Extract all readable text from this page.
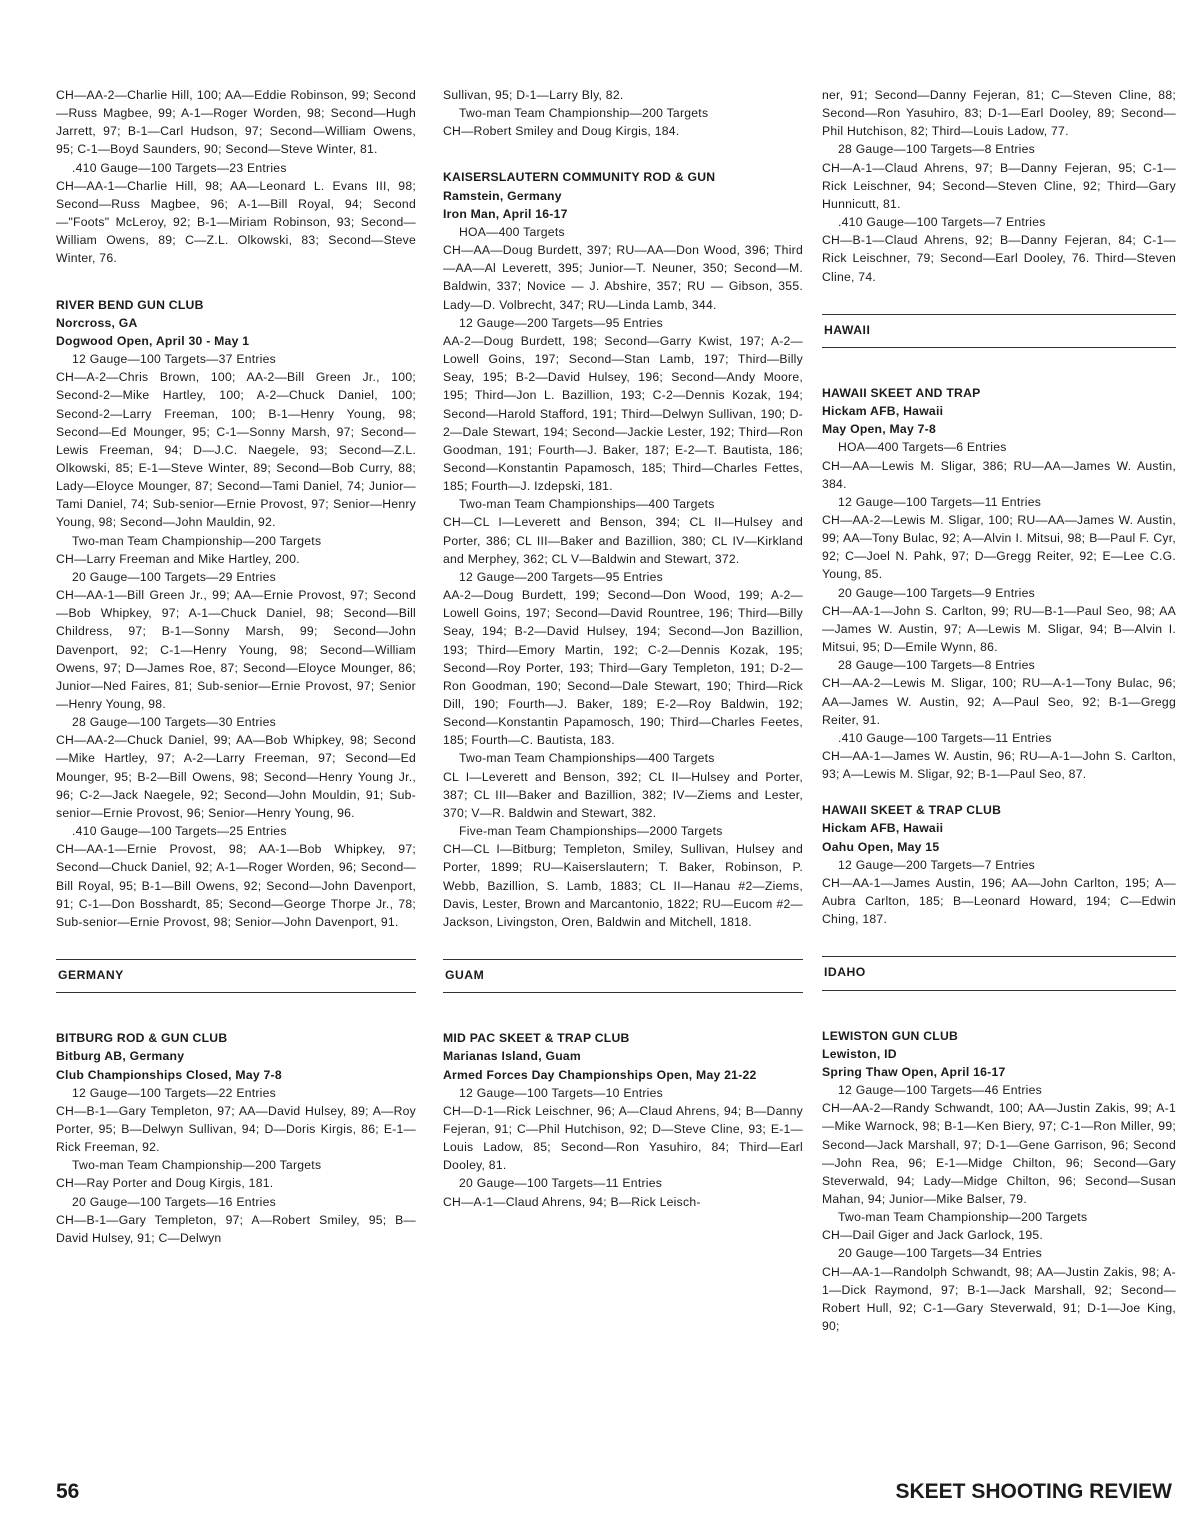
CH—AA-2—Charlie Hill, 100; AA—Eddie Robinson, 99; Second—Russ Magbee, 99; A-1—Roger Worden, 98; Second—Hugh Jarrett, 97; B-1—Carl Hudson, 97; Second—William Owens, 95; C-1—Boyd Saunders, 90; Second—Steve Winter, 81.

.410 Gauge—100 Targets—23 Entries

CH—AA-1—Charlie Hill, 98; AA—Leonard L. Evans III, 98; Second—Russ Magbee, 96; A-1—Bill Royal, 94; Second—"Foots" McLeroy, 92; B-1—Miriam Robinson, 93; Second—William Owens, 89; C—Z.L. Olkowski, 83; Second—Steve Winter, 76.

RIVER BEND GUN CLUB

Norcross, GA

Dogwood Open, April 30 - May 1

12 Gauge—100 Targets—37 Entries

CH—A-2—Chris Brown, 100; AA-2—Bill Green Jr., 100; Second-2—Mike Hartley, 100; A-2—Chuck Daniel, 100; Second-2—Larry Freeman, 100; B-1—Henry Young, 98; Second—Ed Mounger, 95; C-1—Sonny Marsh, 97; Second—Lewis Freeman, 94; D—J.C. Naegele, 93; Second—Z.L. Olkowski, 85; E-1—Steve Winter, 89; Second—Bob Curry, 88; Lady—Eloyce Mounger, 87; Second—Tami Daniel, 74; Junior—Tami Daniel, 74; Sub-senior—Ernie Provost, 97; Senior—Henry Young, 98; Second—John Mauldin, 92.

Two-man Team Championship—200 Targets

CH—Larry Freeman and Mike Hartley, 200.

20 Gauge—100 Targets—29 Entries

CH—AA-1—Bill Green Jr., 99; AA—Ernie Provost, 97; Second—Bob Whipkey, 97; A-1—Chuck Daniel, 98; Second—Bill Childress, 97; B-1—Sonny Marsh, 99; Second—John Davenport, 92; C-1—Henry Young, 98; Second—William Owens, 97; D—James Roe, 87; Second—Eloyce Mounger, 86; Junior—Ned Faires, 81; Sub-senior—Ernie Provost, 97; Senior—Henry Young, 98.

28 Gauge—100 Targets—30 Entries

CH—AA-2—Chuck Daniel, 99; AA—Bob Whipkey, 98; Second—Mike Hartley, 97; A-2—Larry Freeman, 97; Second—Ed Mounger, 95; B-2—Bill Owens, 98; Second—Henry Young Jr., 96; C-2—Jack Naegele, 92; Second—John Mouldin, 91; Sub-senior—Ernie Provost, 96; Senior—Henry Young, 96.

.410 Gauge—100 Targets—25 Entries

CH—AA-1—Ernie Provost, 98; AA-1—Bob Whipkey, 97; Second—Chuck Daniel, 92; A-1—Roger Worden, 96; Second—Bill Royal, 95; B-1—Bill Owens, 92; Second—John Davenport, 91; C-1—Don Bosshardt, 85; Second—George Thorpe Jr., 78; Sub-senior—Ernie Provost, 98; Senior—John Davenport, 91.

GERMANY

BITBURG ROD & GUN CLUB

Bitburg AB, Germany

Club Championships Closed, May 7-8

12 Gauge—100 Targets—22 Entries

CH—B-1—Gary Templeton, 97; AA—David Hulsey, 89; A—Roy Porter, 95; B—Delwyn Sullivan, 94; D—Doris Kirgis, 86; E-1—Rick Freeman, 92.

Two-man Team Championship—200 Targets

CH—Ray Porter and Doug Kirgis, 181.

20 Gauge—100 Targets—16 Entries

CH—B-1—Gary Templeton, 97; A—Robert Smiley, 95; B—David Hulsey, 91; C—Delwyn

Sullivan, 95; D-1—Larry Bly, 82.

Two-man Team Championship—200 Targets

CH—Robert Smiley and Doug Kirgis, 184.

KAISERSLAUTERN COMMUNITY ROD & GUN

Ramstein, Germany

Iron Man, April 16-17

HOA—400 Targets

CH—AA—Doug Burdett, 397; RU—AA—Don Wood, 396; Third—AA—Al Leverett, 395; Junior—T. Neuner, 350; Second—M. Baldwin, 337; Novice — J. Abshire, 357; RU — Gibson, 355. Lady—D. Volbrecht, 347; RU—Linda Lamb, 344.

12 Gauge—200 Targets—95 Entries

AA-2—Doug Burdett, 198; Second—Garry Kwist, 197; A-2—Lowell Goins, 197; Second—Stan Lamb, 197; Third—Billy Seay, 195; B-2—David Hulsey, 196; Second—Andy Moore, 195; Third—Jon L. Bazillion, 193; C-2—Dennis Kozak, 194; Second—Harold Stafford, 191; Third—Delwyn Sullivan, 190; D-2—Dale Stewart, 194; Second—Jackie Lester, 192; Third—Ron Goodman, 191; Fourth—J. Baker, 187; E-2—T. Bautista, 186; Second—Konstantin Papamosch, 185; Third—Charles Fettes, 185; Fourth—J. Izdepski, 181.

Two-man Team Championships—400 Targets

CH—CL I—Leverett and Benson, 394; CL II—Hulsey and Porter, 386; CL III—Baker and Bazillion, 380; CL IV—Kirkland and Merphey, 362; CL V—Baldwin and Stewart, 372.

12 Gauge—200 Targets—95 Entries

AA-2—Doug Burdett, 199; Second—Don Wood, 199; A-2—Lowell Goins, 197; Second—David Rountree, 196; Third—Billy Seay, 194; B-2—David Hulsey, 194; Second—Jon Bazillion, 193; Third—Emory Martin, 192; C-2—Dennis Kozak, 195; Second—Roy Porter, 193; Third—Gary Templeton, 191; D-2—Ron Goodman, 190; Second—Dale Stewart, 190; Third—Rick Dill, 190; Fourth—J. Baker, 189; E-2—Roy Baldwin, 192; Second—Konstantin Papamosch, 190; Third—Charles Feetes, 185; Fourth—C. Bautista, 183.

Two-man Team Championships—400 Targets

CL I—Leverett and Benson, 392; CL II—Hulsey and Porter, 387; CL III—Baker and Bazillion, 382; IV—Ziems and Lester, 370; V—R. Baldwin and Stewart, 382.

Five-man Team Championships—2000 Targets

CH—CL I—Bitburg; Templeton, Smiley, Sullivan, Hulsey and Porter, 1899; RU—Kaiserslautern; T. Baker, Robinson, P. Webb, Bazillion, S. Lamb, 1883; CL II—Hanau #2—Ziems, Davis, Lester, Brown and Marcantonio, 1822; RU—Eucom #2—Jackson, Livingston, Oren, Baldwin and Mitchell, 1818.

GUAM

MID PAC SKEET & TRAP CLUB

Marianas Island, Guam

Armed Forces Day Championships Open, May 21-22

12 Gauge—100 Targets—10 Entries

CH—D-1—Rick Leischner, 96; A—Claud Ahrens, 94; B—Danny Fejeran, 91; C—Phil Hutchison, 92; D—Steve Cline, 93; E-1—Louis Ladow, 85; Second—Ron Yasuhiro, 84; Third—Earl Dooley, 81.

20 Gauge—100 Targets—11 Entries

CH—A-1—Claud Ahrens, 94; B—Rick Leisch-

ner, 91; Second—Danny Fejeran, 81; C—Steven Cline, 88; Second—Ron Yasuhiro, 83; D-1—Earl Dooley, 89; Second—Phil Hutchison, 82; Third—Louis Ladow, 77.

28 Gauge—100 Targets—8 Entries

CH—A-1—Claud Ahrens, 97; B—Danny Fejeran, 95; C-1—Rick Leischner, 94; Second—Steven Cline, 92; Third—Gary Hunnicutt, 81.

.410 Gauge—100 Targets—7 Entries

CH—B-1—Claud Ahrens, 92; B—Danny Fejeran, 84; C-1—Rick Leischner, 79; Second—Earl Dooley, 76. Third—Steven Cline, 74.

HAWAII

HAWAII SKEET AND TRAP

Hickam AFB, Hawaii

May Open, May 7-8

HOA—400 Targets—6 Entries

CH—AA—Lewis M. Sligar, 386; RU—AA—James W. Austin, 384.

12 Gauge—100 Targets—11 Entries

CH—AA-2—Lewis M. Sligar, 100; RU—AA—James W. Austin, 99; AA—Tony Bulac, 92; A—Alvin I. Mitsui, 98; B—Paul F. Cyr, 92; C—Joel N. Pahk, 97; D—Gregg Reiter, 92; E—Lee C.G. Young, 85.

20 Gauge—100 Targets—9 Entries

CH—AA-1—John S. Carlton, 99; RU—B-1—Paul Seo, 98; AA—James W. Austin, 97; A—Lewis M. Sligar, 94; B—Alvin I. Mitsui, 95; D—Emile Wynn, 86.

28 Gauge—100 Targets—8 Entries

CH—AA-2—Lewis M. Sligar, 100; RU—A-1—Tony Bulac, 96; AA—James W. Austin, 92; A—Paul Seo, 92; B-1—Gregg Reiter, 91.

.410 Gauge—100 Targets—11 Entries

CH—AA-1—James W. Austin, 96; RU—A-1—John S. Carlton, 93; A—Lewis M. Sligar, 92; B-1—Paul Seo, 87.

HAWAII SKEET & TRAP CLUB

Hickam AFB, Hawaii

Oahu Open, May 15

12 Gauge—200 Targets—7 Entries

CH—AA-1—James Austin, 196; AA—John Carlton, 195; A—Aubra Carlton, 185; B—Leonard Howard, 194; C—Edwin Ching, 187.

IDAHO

LEWISTON GUN CLUB

Lewiston, ID

Spring Thaw Open, April 16-17

12 Gauge—100 Targets—46 Entries

CH—AA-2—Randy Schwandt, 100; AA—Justin Zakis, 99; A-1—Mike Warnock, 98; B-1—Ken Biery, 97; C-1—Ron Miller, 99; Second—Jack Marshall, 97; D-1—Gene Garrison, 96; Second—John Rea, 96; E-1—Midge Chilton, 96; Second—Gary Steverwald, 94; Lady—Midge Chilton, 96; Second—Susan Mahan, 94; Junior—Mike Balser, 79.

Two-man Team Championship—200 Targets

CH—Dail Giger and Jack Garlock, 195.

20 Gauge—100 Targets—34 Entries

CH—AA-1—Randolph Schwandt, 98; AA—Justin Zakis, 98; A-1—Dick Raymond, 97; B-1—Jack Marshall, 92; Second—Robert Hull, 92; C-1—Gary Steverwald, 91; D-1—Joe King, 90;

56	SKEET SHOOTING REVIEW
